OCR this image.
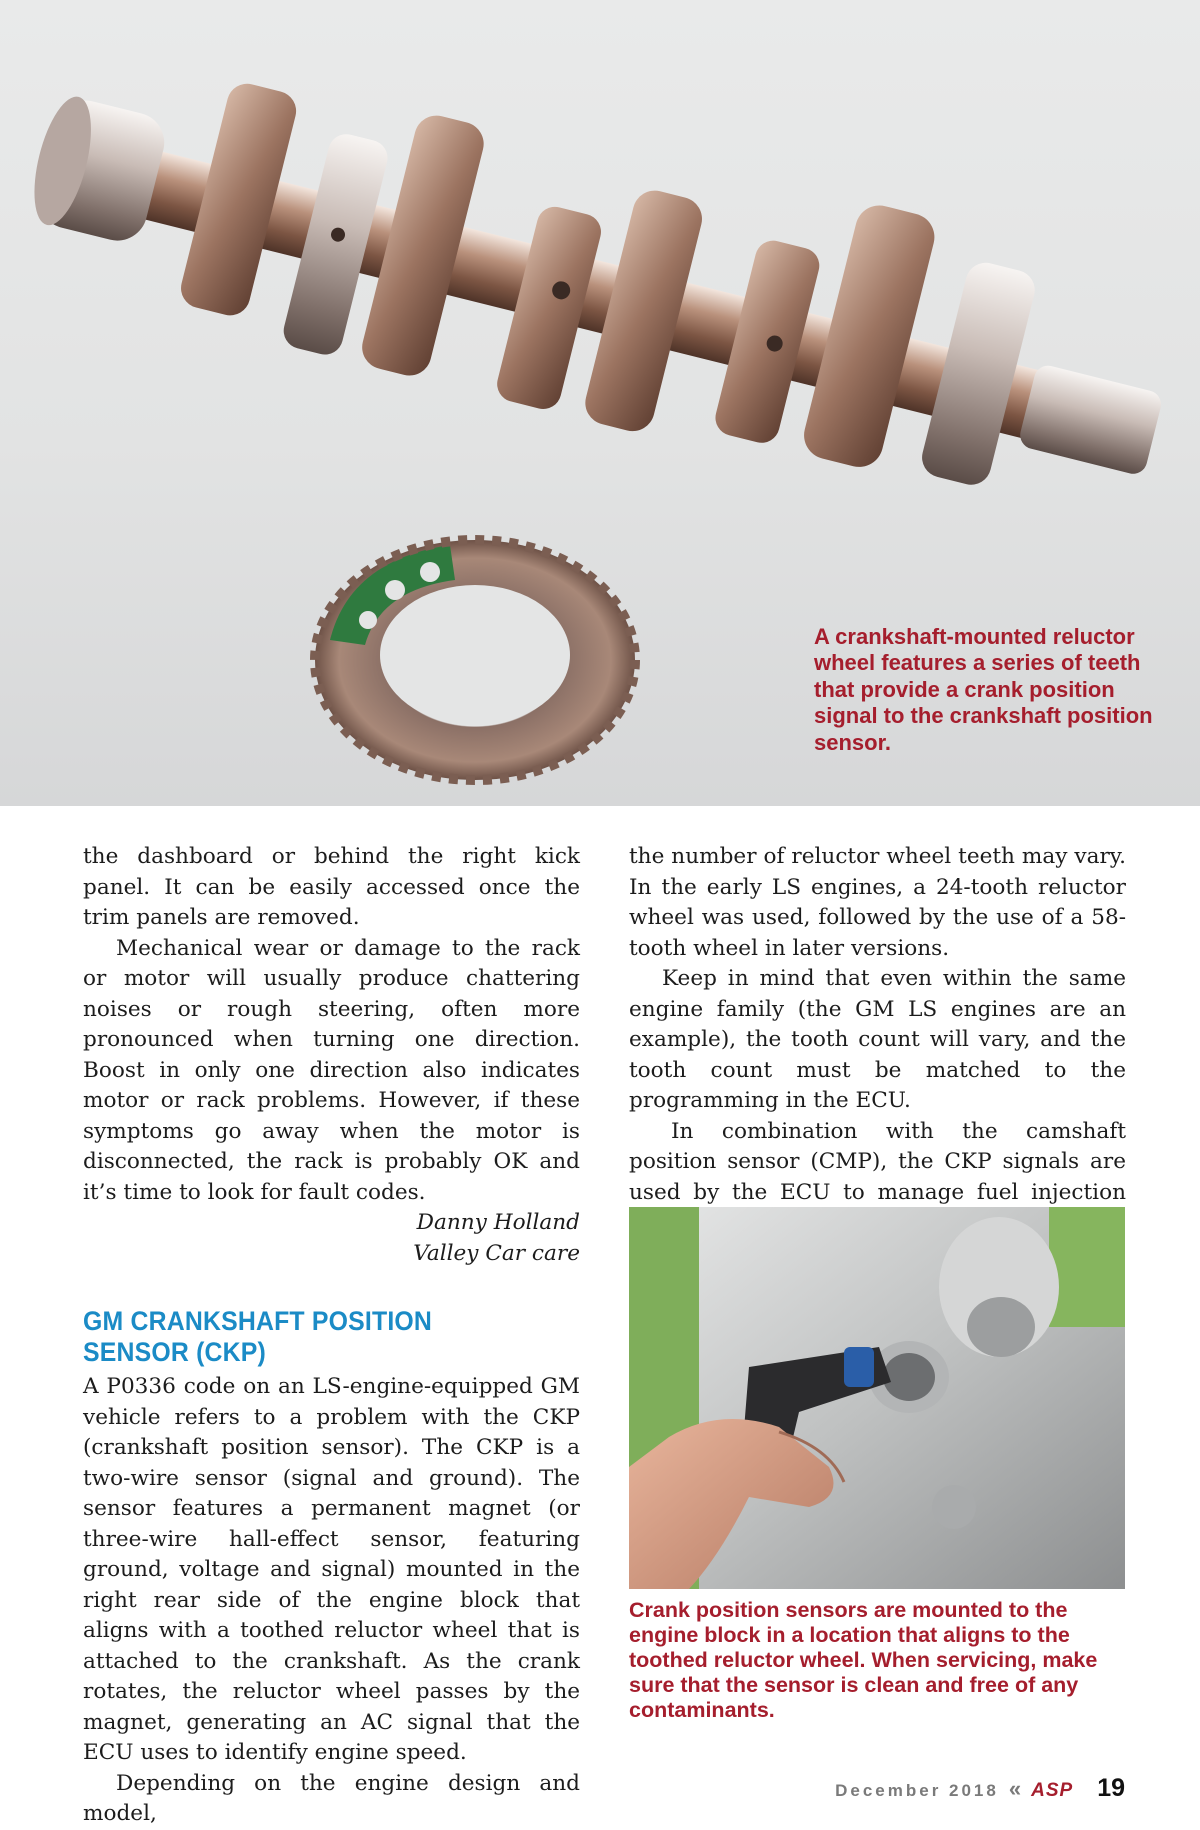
A crankshaft-mounted reluctor wheel features a series of teeth that provide a crank position signal to the crankshaft position sensor.

the dashboard or behind the right kick panel. It can be easily accessed once the trim panels are removed.

Mechanical wear or damage to the rack or motor will usually produce chattering noises or rough steering, often more pronounced when turning one direction. Boost in only one direction also indicates motor or rack problems. However, if these symptoms go away when the motor is disconnected, the rack is probably OK and it’s time to look for fault codes.

Danny Holland

Valley Car care

GM CRANKSHAFT POSITION
SENSOR (CKP)

A P0336 code on an LS-engine-equipped GM vehicle refers to a problem with the CKP (crankshaft position sensor). The CKP is a two-wire sensor (signal and ground). The sensor features a permanent magnet (or three-wire hall-effect sensor, featuring ground, voltage and signal) mounted in the right rear side of the engine block that aligns with a toothed reluctor wheel that is attached to the crankshaft. As the crank rotates, the reluctor wheel passes by the magnet, generating an AC signal that the ECU uses to identify engine speed.

Depending on the engine design and model,

the number of reluctor wheel teeth may vary. In the early LS engines, a 24-tooth reluctor wheel was used, followed by the use of a 58-tooth wheel in later versions.

Keep in mind that even within the same engine family (the GM LS engines are an example), the tooth count will vary, and the tooth count must be matched to the programming in the ECU.

In combination with the camshaft position sensor (CMP), the CKP signals are used by the ECU to manage fuel injection

Crank position sensors are mounted to the engine block in a location that aligns to the toothed reluctor wheel. When servicing, make sure that the sensor is clean and free of any contaminants.
December 2018 « ASP 19
